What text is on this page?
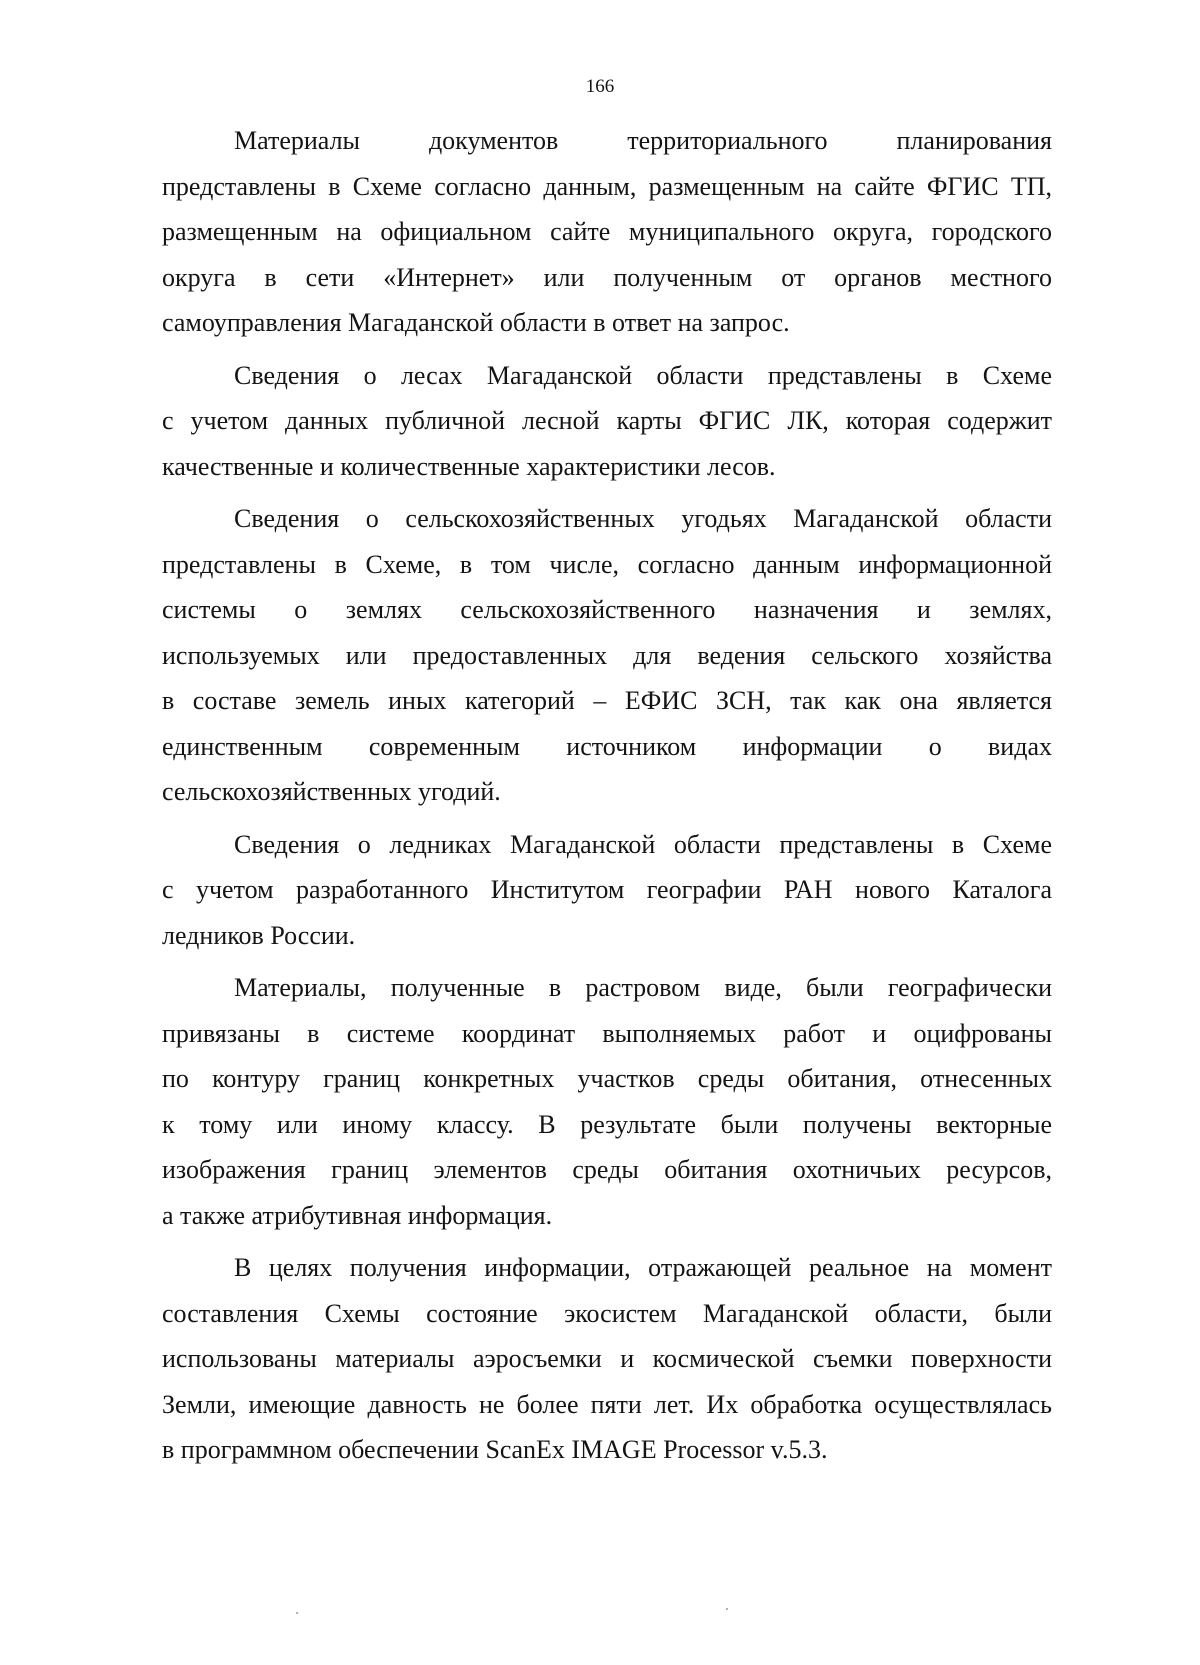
166
Материалы документов территориального планирования
представлены в Схеме согласно данным, размещенным на сайте ФГИС ТП,
размещенным на официальном сайте муниципального округа, городского
округа в сети «Интернет» или полученным от органов местного
самоуправления Магаданской области в ответ на запрос.
Сведения о лесах Магаданской области представлены в Схеме
с учетом данных публичной лесной карты ФГИС ЛК, которая содержит
качественные и количественные характеристики лесов.
Сведения о сельскохозяйственных угодьях Магаданской области
представлены в Схеме, в том числе, согласно данным информационной
системы о землях сельскохозяйственного назначения и землях,
используемых или предоставленных для ведения сельского хозяйства
в составе земель иных категорий – ЕФИС ЗСН, так как она является
единственным современным источником информации о видах
сельскохозяйственных угодий.
Сведения о ледниках Магаданской области представлены в Схеме
с учетом разработанного Институтом географии РАН нового Каталога
ледников России.
Материалы, полученные в растровом виде, были географически
привязаны в системе координат выполняемых работ и оцифрованы
по контуру границ конкретных участков среды обитания, отнесенных
к тому или иному классу. В результате были получены векторные
изображения границ элементов среды обитания охотничьих ресурсов,
а также атрибутивная информация.
В целях получения информации, отражающей реальное на момент
составления Схемы состояние экосистем Магаданской области, были
использованы материалы аэросъемки и космической съемки поверхности
Земли, имеющие давность не более пяти лет. Их обработка осуществлялась
в программном обеспечении ScanEx IMAGE Processor v.5.3.
